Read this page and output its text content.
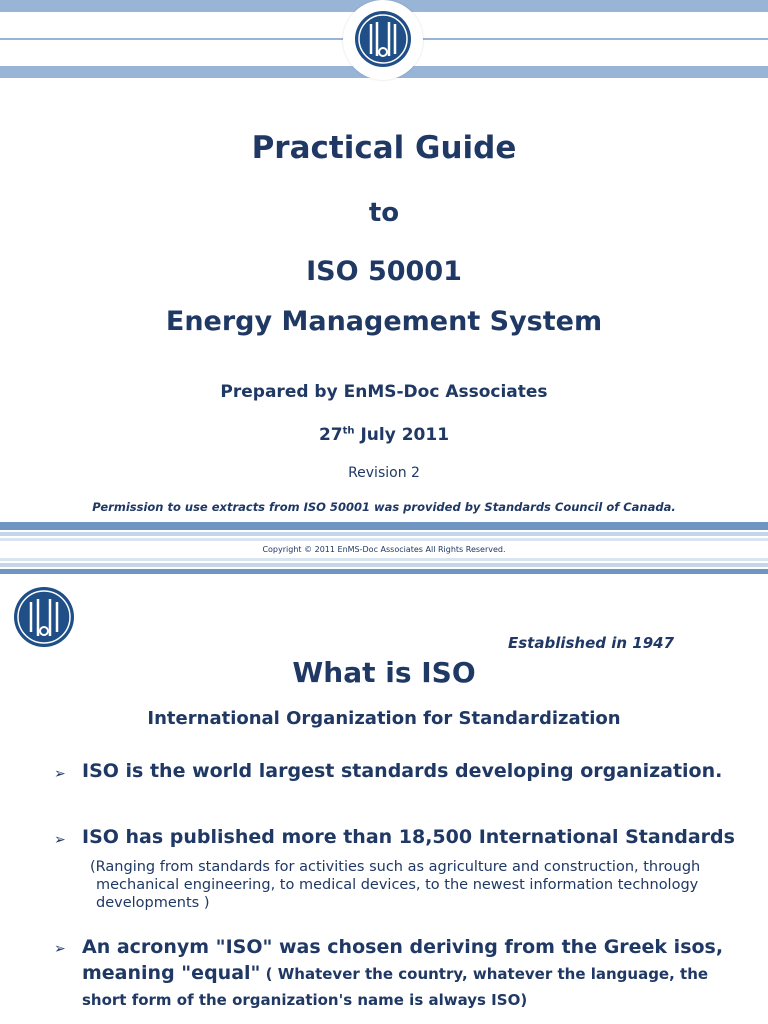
Practical Guide
to
ISO 50001
Energy Management System
Prepared by EnMS-Doc Associates
27th July 2011
Revision 2
Permission to use extracts from ISO 50001 was provided by Standards Council of Canada.
Copyright © 2011 EnMS-Doc Associates All Rights Reserved.
Established in 1947
What is ISO
International Organization for Standardization
➢ ISO is the world largest standards developing organization.
➢ ISO has published more than 18,500 International Standards
(Ranging from standards for activities such as agriculture and construction, through
mechanical engineering, to medical devices, to the newest information technology
developments )
➢ An acronym "ISO" was chosen deriving from the Greek isos,
meaning "equal" ( Whatever the country, whatever the language, the
short form of the organization's name is always ISO)
